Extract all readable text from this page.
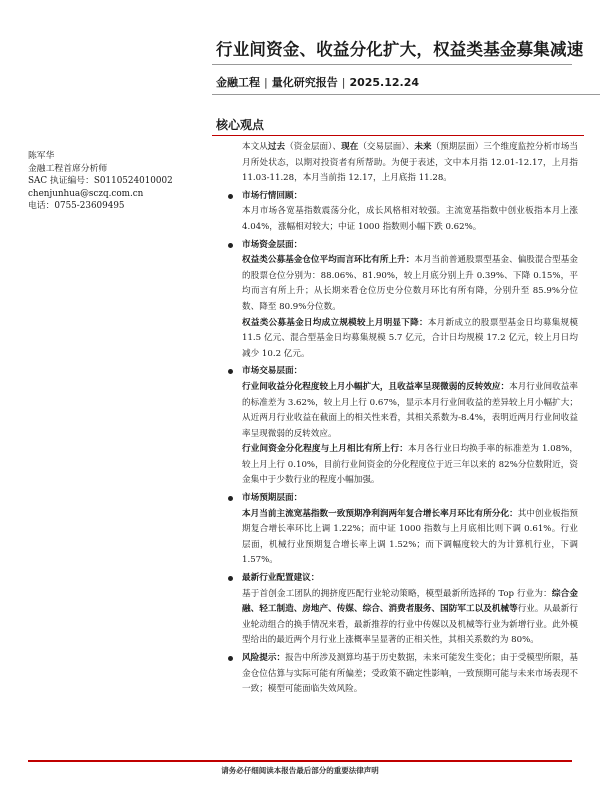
行业间资金、收益分化扩大，权益类基金募集减速
金融工程 | 量化研究报告 | 2025.12.24
核心观点
陈军华
金融工程首席分析师
SAC 执证编号：S0110524010002
chenjunhua@sczq.com.cn
电话：0755-23609495

本文从过去（资金层面）、现在（交易层面）、未来（预期层面）三个维度监控分析市场当月所处状态，以期对投资者有所帮助。为便于表述，文中本月指 12.01-12.17，上月指 11.03-11.28，本月当前指 12.17，上月底指 11.28。

市场行情回顾：

本月市场各宽基指数震荡分化，成长风格相对较强。主流宽基指数中创业板指本月上涨 4.04%，涨幅相对较大；中证 1000 指数则小幅下跌 0.62%。

市场资金层面：

权益类公募基金仓位平均而言环比有所上升：本月当前普通股票型基金、偏股混合型基金的股票仓位分别为：88.06%、81.90%，较上月底分别上升 0.39%、下降 0.15%，平均而言有所上升；从长期来看仓位历史分位数月环比有所有降，分别升至 85.9%分位数、降至 80.9%分位数。

权益类公募基金日均成立规模较上月明显下降：本月新成立的股票型基金日均募集规模 11.5 亿元、混合型基金日均募集规模 5.7 亿元，合计日均规模 17.2 亿元，较上月日均减少 10.2 亿元。

市场交易层面：

行业间收益分化程度较上月小幅扩大，且收益率呈现微弱的反转效应：本月行业间收益率的标准差为 3.62%，较上月上行 0.67%，显示本月行业间收益的差异较上月小幅扩大；从近两月行业收益在截面上的相关性来看，其相关系数为-8.4%，表明近两月行业间收益率呈现微弱的反转效应。

行业间资金分化程度与上月相比有所上行：本月各行业日均换手率的标准差为 1.08%，较上月上行 0.10%，目前行业间资金的分化程度位于近三年以来的 82%分位数附近，资金集中于少数行业的程度小幅加强。

市场预期层面：

本月当前主流宽基指数一致预期净利润两年复合增长率月环比有所分化：其中创业板指预期复合增长率环比上调 1.22%；而中证 1000 指数与上月底相比则下调 0.61%。行业层面，机械行业预期复合增长率上调 1.52%；而下调幅度较大的为计算机行业，下调 1.57%。

最新行业配置建议：

基于首创金工团队的拥挤度匹配行业轮动策略，模型最新所选择的 Top 行业为：综合金融、轻工制造、房地产、传媒、综合、消费者服务、国防军工以及机械等行业。从最新行业轮动组合的换手情况来看，最新推荐的行业中传媒以及机械等行业为新增行业。此外模型给出的最近两个月行业上涨概率呈显著的正相关性，其相关系数约为 80%。

风险提示：报告中所涉及测算均基于历史数据，未来可能发生变化；由于受模型所限，基金仓位估算与实际可能有所偏差；受政策不确定性影响，一致预期可能与未来市场表现不一致；模型可能面临失效风险。

请务必仔细阅读本报告最后部分的重要法律声明
